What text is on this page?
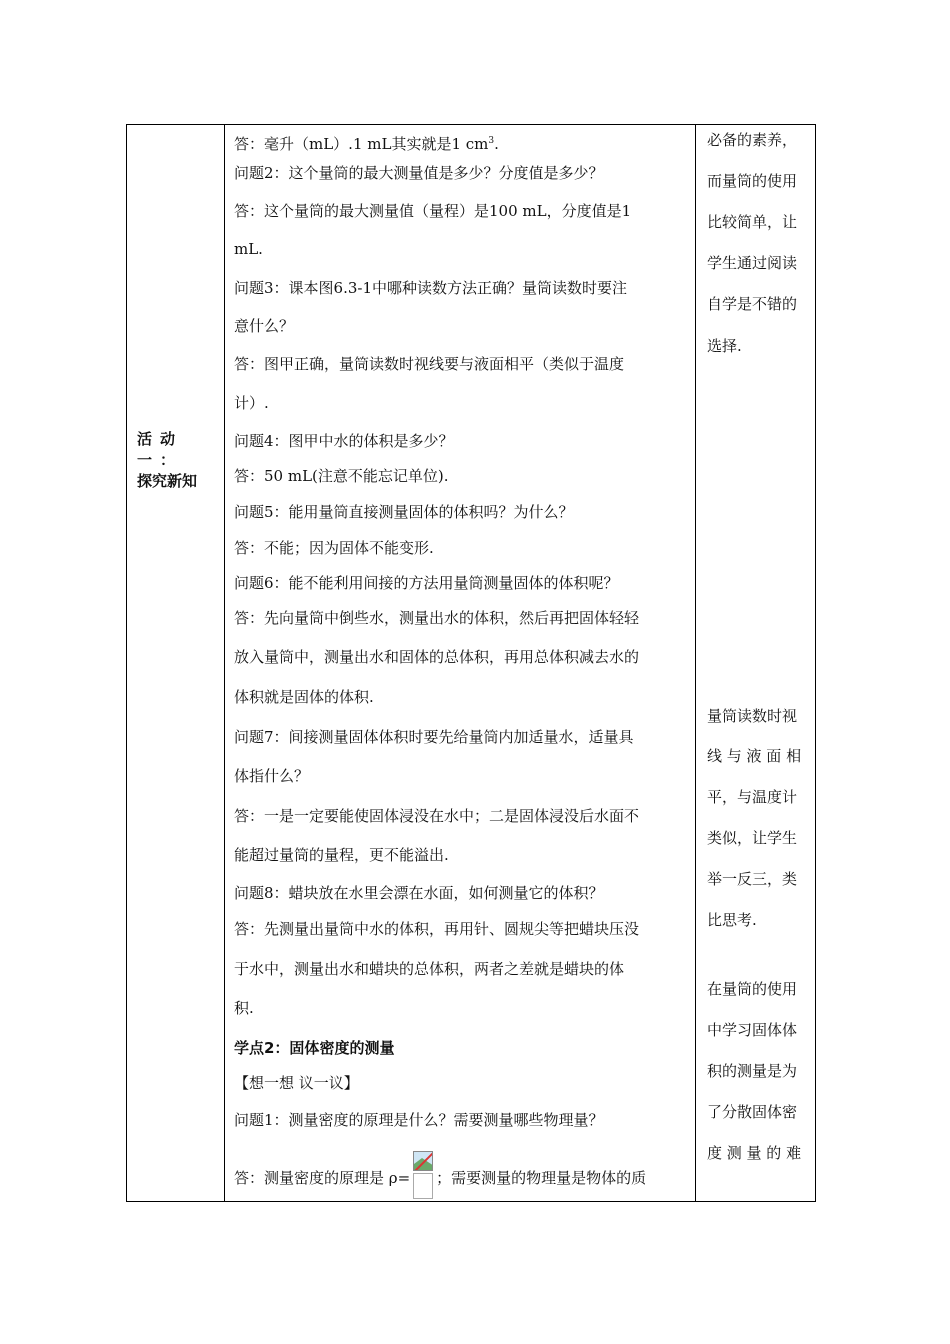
活动一：
探究新知
答：毫升（mL）.1 mL其实就是1 $cm^3$.
问题2：这个量筒的最大测量值是多少？分度值是多少？
答：这个量筒的最大测量值（量程）是100 mL，分度值是1
mL.
问题3：课本图6.3-1中哪种读数方法正确？量筒读数时要注
意什么？
答：图甲正确，量筒读数时视线要与液面相平（类似于温度
计）.
问题4：图甲中水的体积是多少？
答：50 mL(注意不能忘记单位).
问题5：能用量筒直接测量固体的体积吗？为什么？
答：不能；因为固体不能变形.
问题6：能不能利用间接的方法用量筒测量固体的体积呢？
答：先向量筒中倒些水，测量出水的体积，然后再把固体轻轻
放入量筒中，测量出水和固体的总体积，再用总体积减去水的
体积就是固体的体积.
问题7：间接测量固体体积时要先给量筒内加适量水，适量具
体指什么？
答：一是一定要能使固体浸没在水中；二是固体浸没后水面不
能超过量筒的量程，更不能溢出.
问题8：蜡块放在水里会漂在水面，如何测量它的体积？
答：先测量出量筒中水的体积，再用针、圆规尖等把蜡块压没
于水中，测量出水和蜡块的总体积，两者之差就是蜡块的体
积.
学点2：固体密度的测量
【想一想 议一议】
问题1：测量密度的原理是什么？需要测量哪些物理量？
答：测量密度的原理是 ρ= ；需要测量的物理量是物体的质
必备的素养，
而量筒的使用
比较简单，让
学生通过阅读
自学是不错的
选择.
量筒读数时视
线 与 液 面 相
平，与温度计
类似，让学生
举一反三，类
比思考.
在量筒的使用
中学习固体体
积的测量是为
了分散固体密
度 测 量 的 难
